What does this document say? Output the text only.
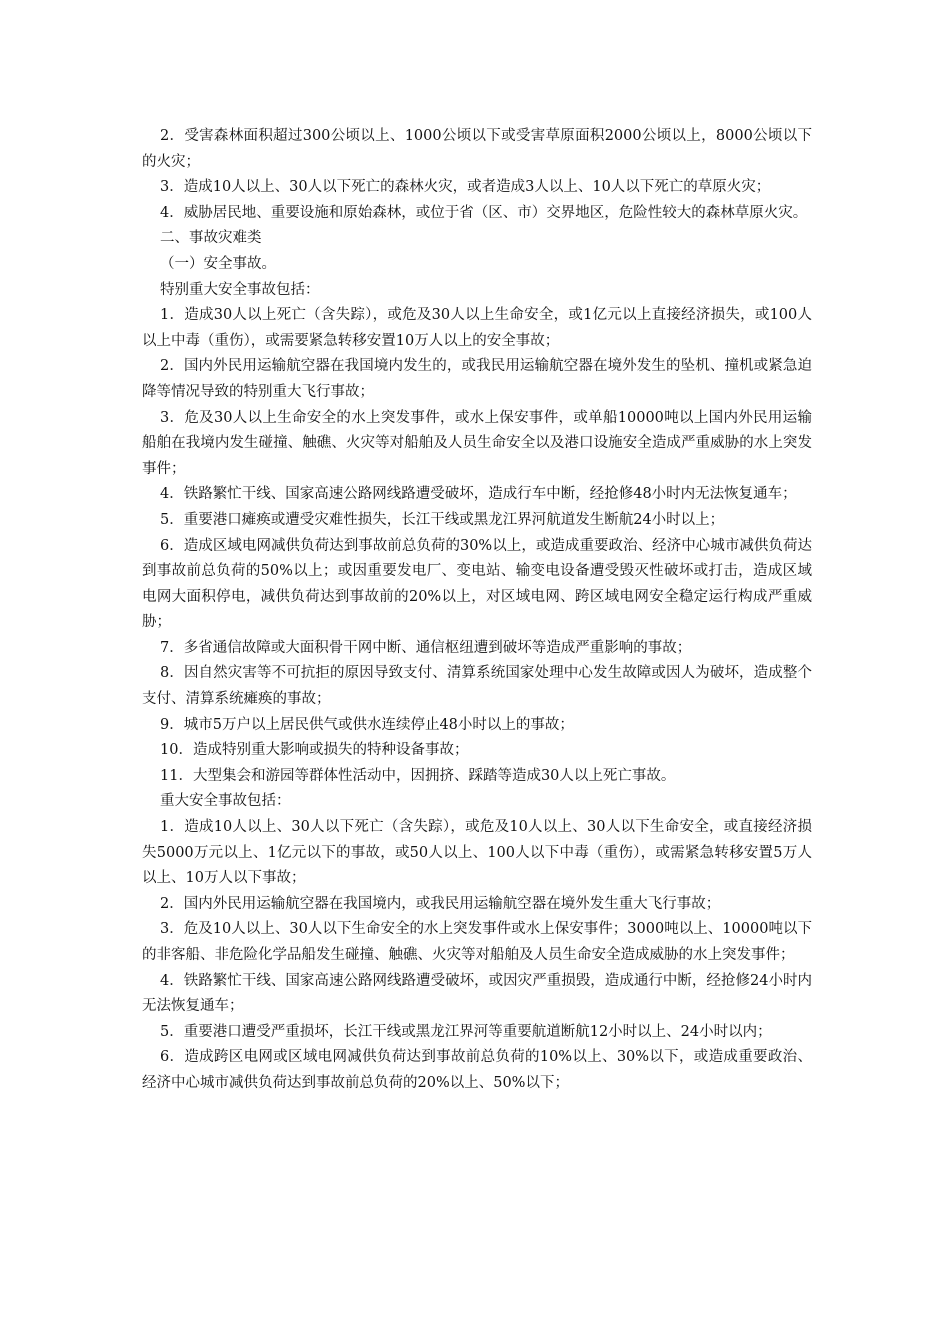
2．受害森林面积超过300公顷以上、1000公顷以下或受害草原面积2000公顷以上，8000公顷以下的火灾；

3．造成10人以上、30人以下死亡的森林火灾，或者造成3人以上、10人以下死亡的草原火灾；

4．威胁居民地、重要设施和原始森林，或位于省（区、市）交界地区，危险性较大的森林草原火灾。

二、事故灾难类

（一）安全事故。

特别重大安全事故包括：

1．造成30人以上死亡（含失踪），或危及30人以上生命安全，或1亿元以上直接经济损失，或100人以上中毒（重伤），或需要紧急转移安置10万人以上的安全事故；

2．国内外民用运输航空器在我国境内发生的，或我民用运输航空器在境外发生的坠机、撞机或紧急迫降等情况导致的特别重大飞行事故；

3．危及30人以上生命安全的水上突发事件，或水上保安事件，或单船10000吨以上国内外民用运输船舶在我境内发生碰撞、触礁、火灾等对船舶及人员生命安全以及港口设施安全造成严重威胁的水上突发事件；

4．铁路繁忙干线、国家高速公路网线路遭受破坏，造成行车中断，经抢修48小时内无法恢复通车；

5．重要港口瘫痪或遭受灾难性损失，长江干线或黑龙江界河航道发生断航24小时以上；

6．造成区域电网减供负荷达到事故前总负荷的30%以上，或造成重要政治、经济中心城市减供负荷达到事故前总负荷的50%以上；或因重要发电厂、变电站、输变电设备遭受毁灭性破坏或打击，造成区域电网大面积停电，减供负荷达到事故前的20%以上，对区域电网、跨区域电网安全稳定运行构成严重威胁；

7．多省通信故障或大面积骨干网中断、通信枢纽遭到破坏等造成严重影响的事故；

8．因自然灾害等不可抗拒的原因导致支付、清算系统国家处理中心发生故障或因人为破坏，造成整个支付、清算系统瘫痪的事故；

9．城市5万户以上居民供气或供水连续停止48小时以上的事故；

10．造成特别重大影响或损失的特种设备事故；

11．大型集会和游园等群体性活动中，因拥挤、踩踏等造成30人以上死亡事故。

重大安全事故包括：

1．造成10人以上、30人以下死亡（含失踪），或危及10人以上、30人以下生命安全，或直接经济损失5000万元以上、1亿元以下的事故，或50人以上、100人以下中毒（重伤），或需紧急转移安置5万人以上、10万人以下事故；

2．国内外民用运输航空器在我国境内，或我民用运输航空器在境外发生重大飞行事故；

3．危及10人以上、30人以下生命安全的水上突发事件或水上保安事件；3000吨以上、10000吨以下的非客船、非危险化学品船发生碰撞、触礁、火灾等对船舶及人员生命安全造成威胁的水上突发事件；

4．铁路繁忙干线、国家高速公路网线路遭受破坏，或因灾严重损毁，造成通行中断，经抢修24小时内无法恢复通车；

5．重要港口遭受严重损坏，长江干线或黑龙江界河等重要航道断航12小时以上、24小时以内；

6．造成跨区电网或区域电网减供负荷达到事故前总负荷的10%以上、30%以下，或造成重要政治、经济中心城市减供负荷达到事故前总负荷的20%以上、50%以下；
